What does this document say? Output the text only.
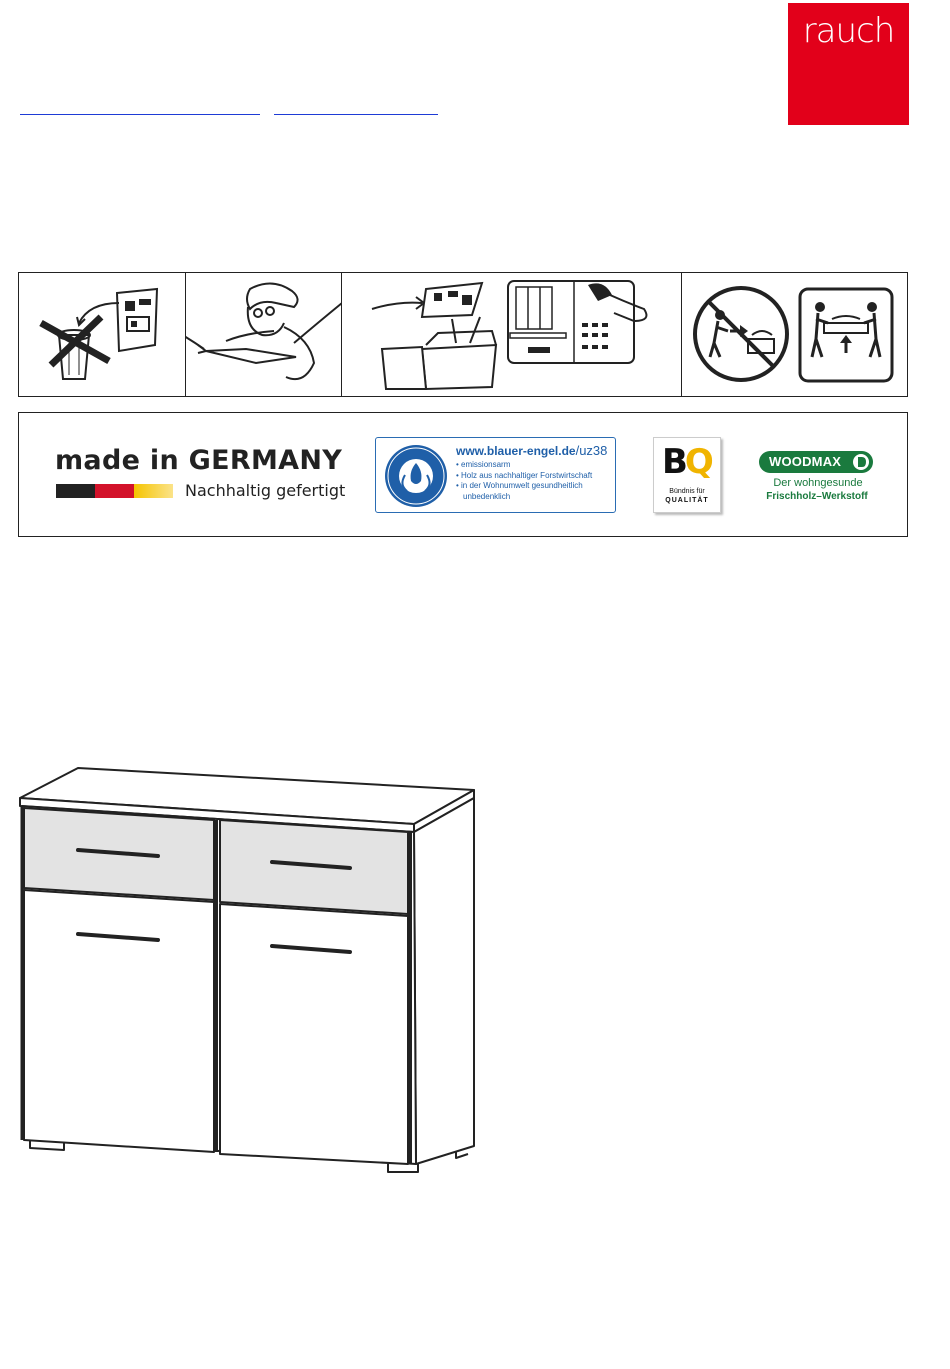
rauch
made in GERMANY
Nachhaltig gefertigt
www.blauer-engel.de/uz38
• emissionsarm
• Holz aus nachhaltiger Forstwirtschaft
• in der Wohnumwelt gesundheitlich
unbedenklich
BQ
Bündnis für
QUALITÄT
WOODMAX
Der wohngesunde
Frischholz–Werkstoff
